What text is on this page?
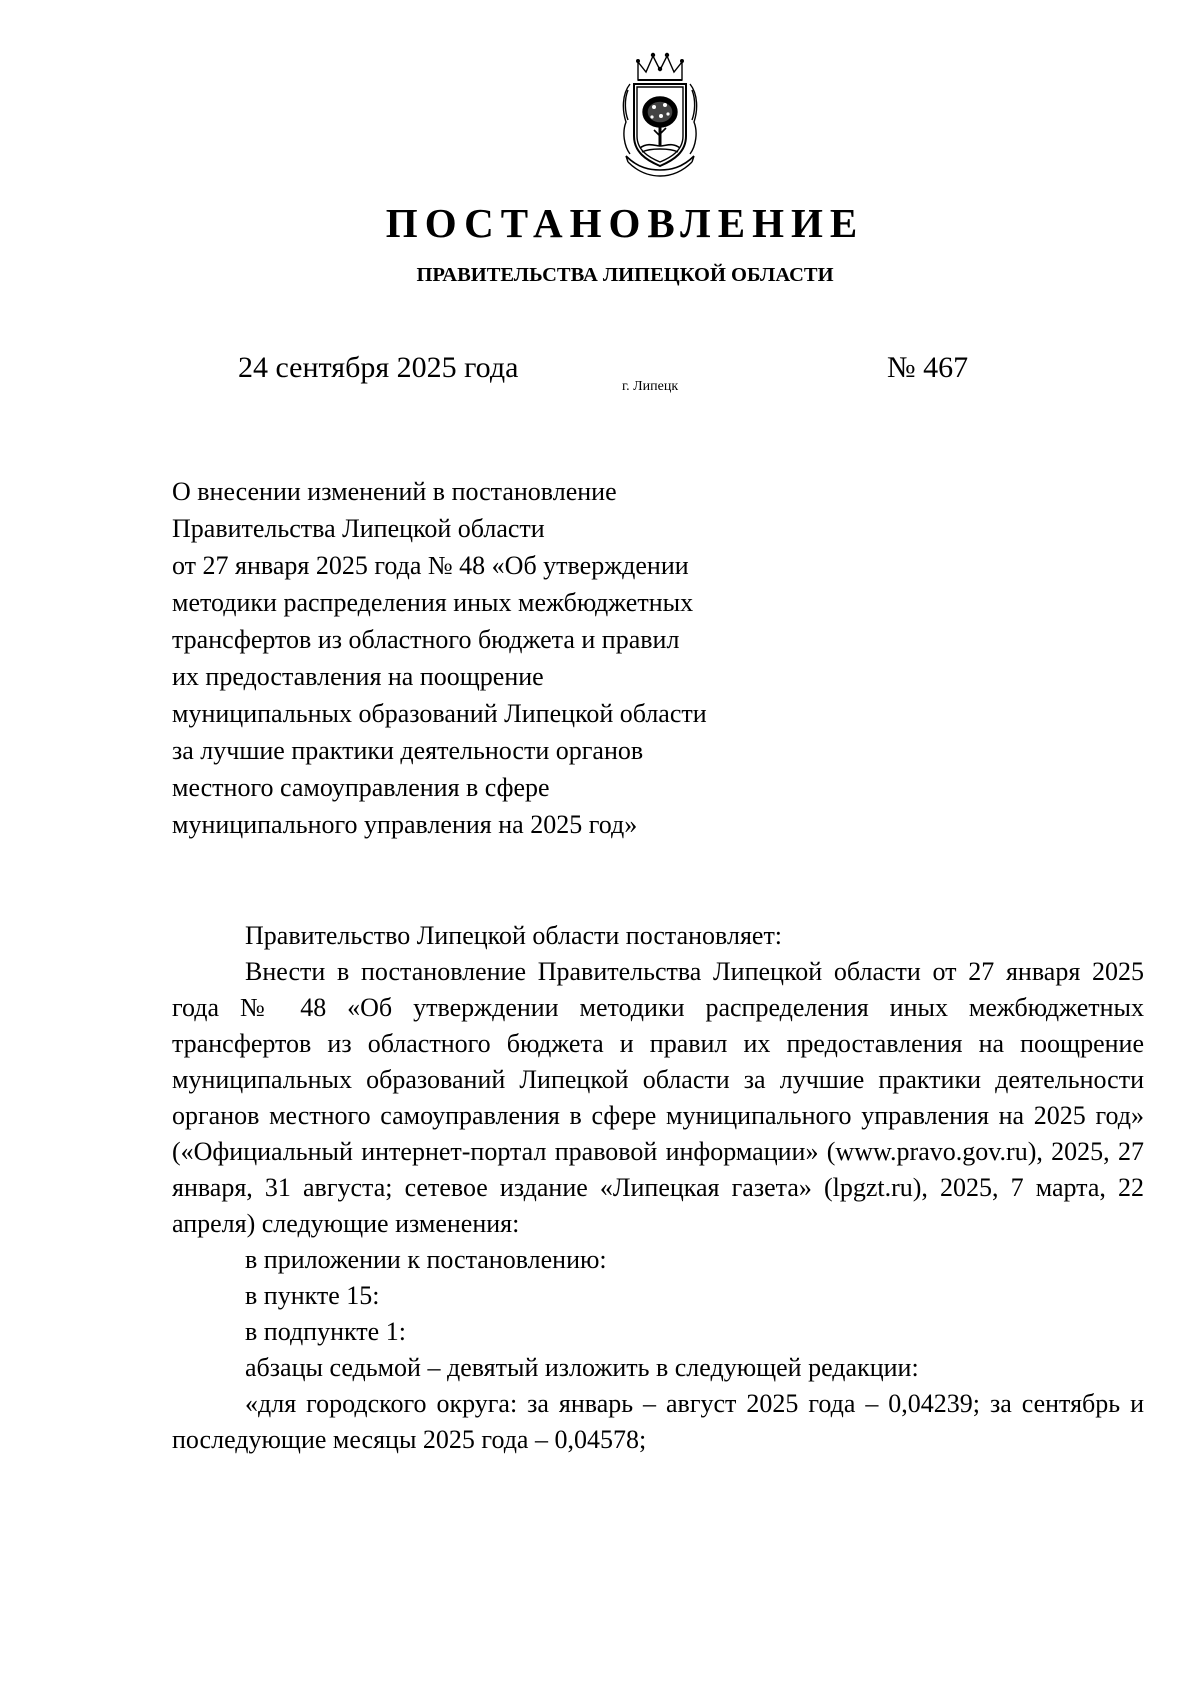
ПОСТАНОВЛЕНИЕ
ПРАВИТЕЛЬСТВА ЛИПЕЦКОЙ ОБЛАСТИ
24 сентября 2025 года
г. Липецк
№ 467
О внесении изменений в постановление
Правительства Липецкой области
от 27 января 2025 года № 48 «Об утверждении
методики распределения иных межбюджетных
трансфертов из областного бюджета и правил
их предоставления на поощрение
муниципальных образований Липецкой области
за лучшие практики деятельности органов
местного самоуправления в сфере
муниципального управления на 2025 год»

Правительство Липецкой области постановляет:

Внести в постановление Правительства Липецкой области от 27 января 2025 года № 48 «Об утверждении методики распределения иных межбюджетных трансфертов из областного бюджета и правил их предоставления на поощрение муниципальных образований Липецкой области за лучшие практики деятельности органов местного самоуправления в сфере муниципального управления на 2025 год» («Официальный интернет-портал правовой информации» (www.pravo.gov.ru), 2025, 27 января, 31 августа; сетевое издание «Липецкая газета» (lpgzt.ru), 2025, 7 марта, 22 апреля) следующие изменения:

в приложении к постановлению:

в пункте 15:

в подпункте 1:

абзацы седьмой – девятый изложить в следующей редакции:

«для городского округа: за январь – август 2025 года – 0,04239; за сентябрь и последующие месяцы 2025 года – 0,04578;
